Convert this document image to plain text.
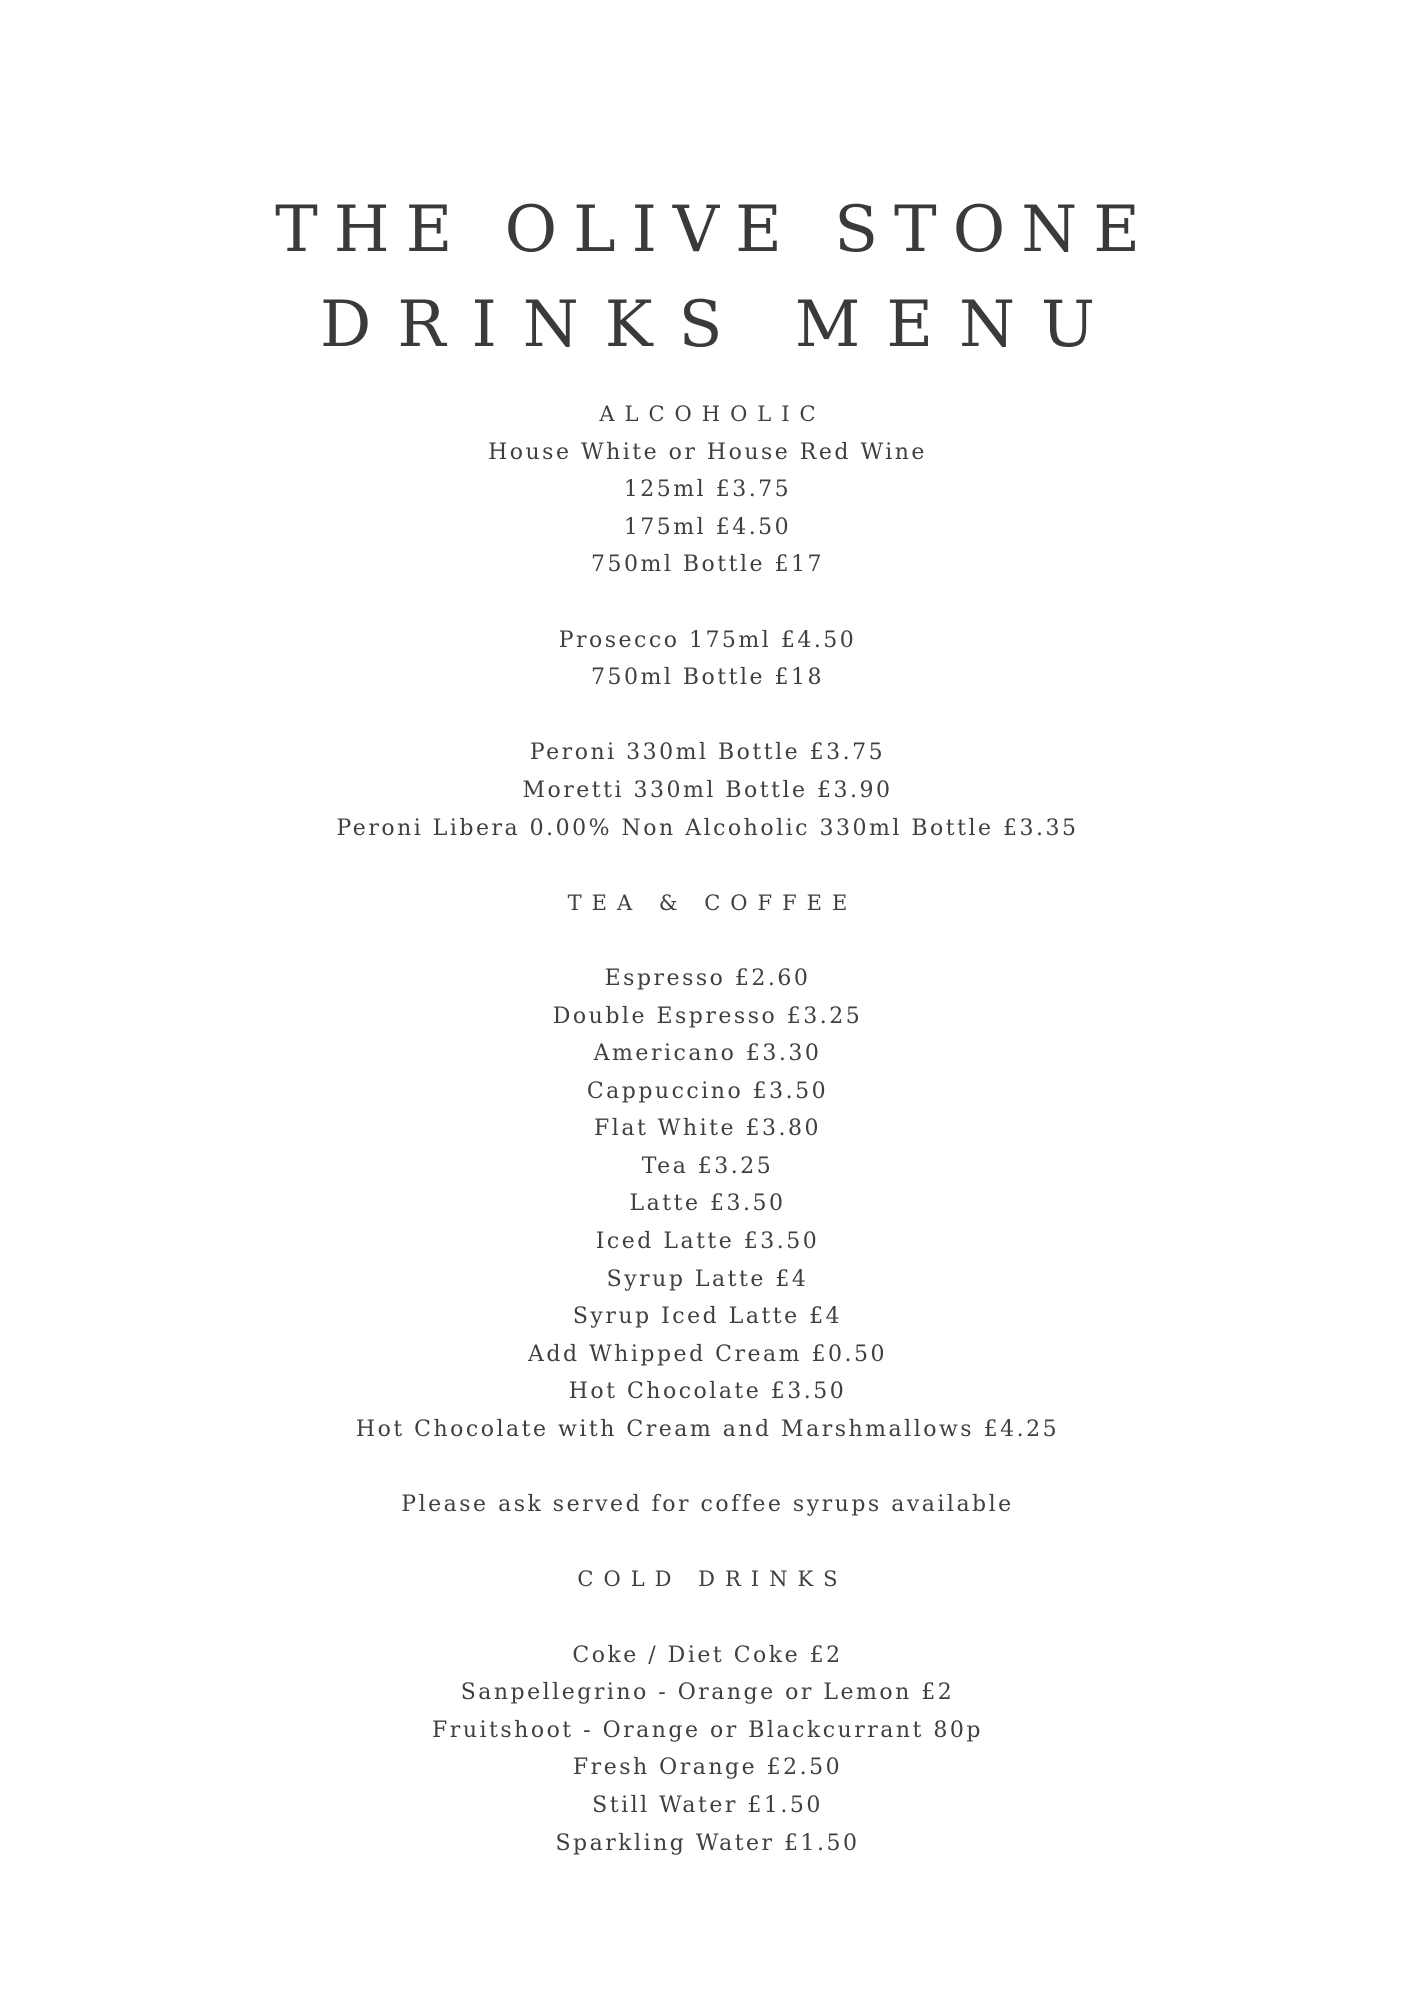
THE OLIVE STONE
DRINKS MENU
ALCOHOLIC
House White or House Red Wine
125ml £3.75
175ml £4.50
750ml Bottle £17
Prosecco 175ml £4.50
750ml Bottle £18
Peroni 330ml Bottle £3.75
Moretti 330ml Bottle £3.90
Peroni Libera 0.00% Non Alcoholic 330ml Bottle £3.35
TEA & COFFEE
Espresso £2.60
Double Espresso £3.25
Americano £3.30
Cappuccino £3.50
Flat White £3.80
Tea £3.25
Latte £3.50
Iced Latte £3.50
Syrup Latte £4
Syrup Iced Latte £4
Add Whipped Cream £0.50
Hot Chocolate £3.50
Hot Chocolate with Cream and Marshmallows £4.25
Please ask served for coffee syrups available
COLD DRINKS
Coke / Diet Coke £2
Sanpellegrino - Orange or Lemon £2
Fruitshoot - Orange or Blackcurrant 80p
Fresh Orange £2.50
Still Water £1.50
Sparkling Water £1.50
